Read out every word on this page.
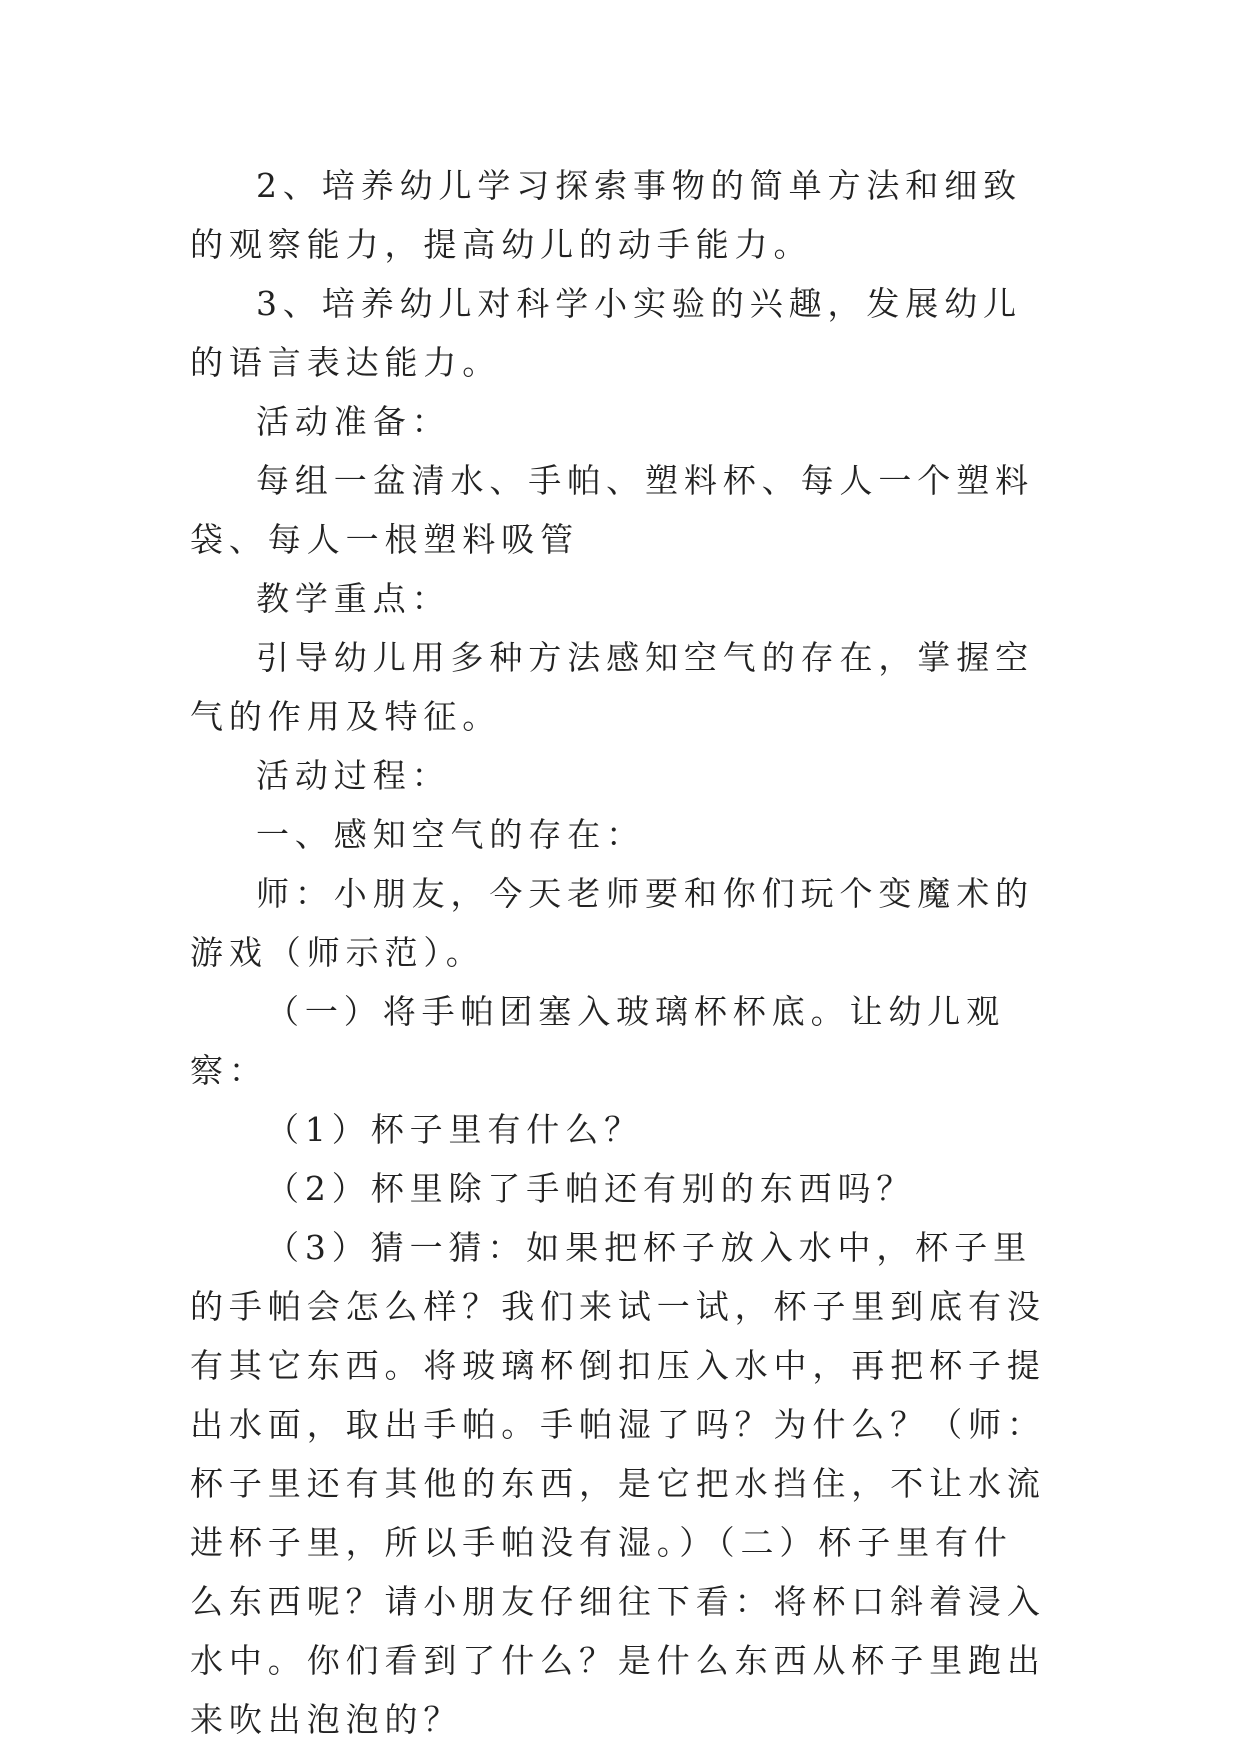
2、培养幼儿学习探索事物的简单方法和细致的观察能力，提高幼儿的动手能力。

3、培养幼儿对科学小实验的兴趣，发展幼儿的语言表达能力。

活动准备：

每组一盆清水、手帕、塑料杯、每人一个塑料袋、每人一根塑料吸管

教学重点：

引导幼儿用多种方法感知空气的存在，掌握空气的作用及特征。

活动过程：

一、感知空气的存在：

师：小朋友，今天老师要和你们玩个变魔术的游戏（师示范）。

（一）将手帕团塞入玻璃杯杯底。让幼儿观察：

（1）杯子里有什么？

（2）杯里除了手帕还有别的东西吗？

（3）猜一猜：如果把杯子放入水中，杯子里的手帕会怎么样？我们来试一试，杯子里到底有没有其它东西。将玻璃杯倒扣压入水中，再把杯子提出水面，取出手帕。手帕湿了吗？为什么？（师：杯子里还有其他的东西，是它把水挡住，不让水流进杯子里，所以手帕没有湿。）（二）杯子里有什么东西呢？请小朋友仔细往下看：将杯口斜着浸入水中。你们看到了什么？是什么东西从杯子里跑出来吹出泡泡的？
